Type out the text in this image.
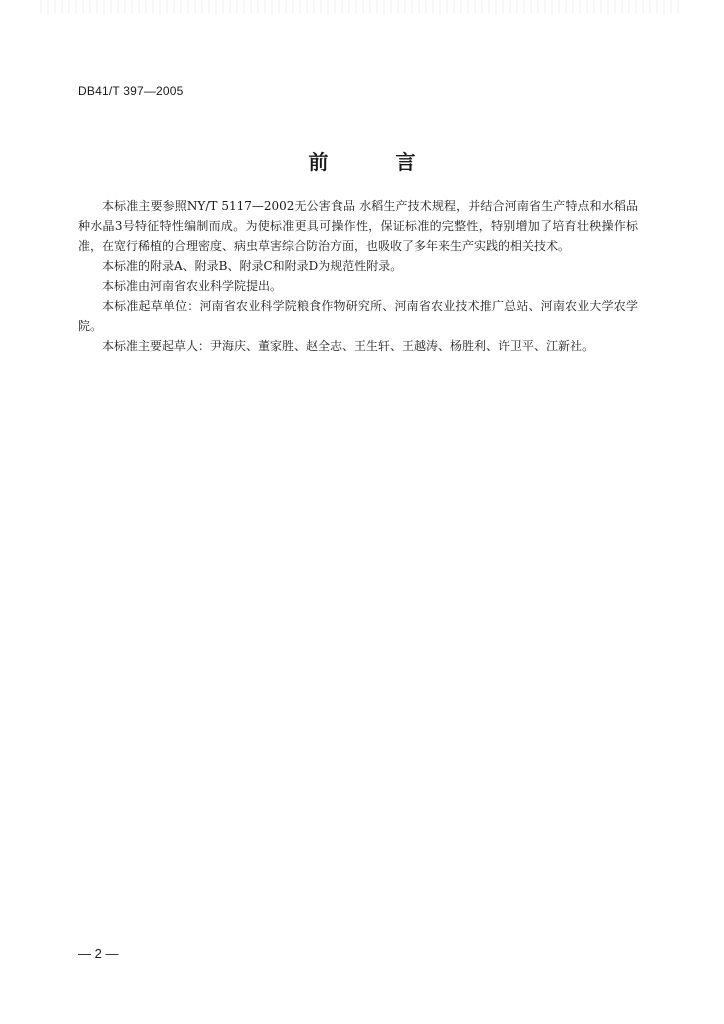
DB41/T 397—2005
前 言

本标准主要参照NY/T 5117—2002无公害食品 水稻生产技术规程，并结合河南省生产特点和水稻品种水晶3号特征特性编制而成。为使标准更具可操作性，保证标准的完整性，特别增加了培育壮秧操作标准，在宽行稀植的合理密度、病虫草害综合防治方面，也吸收了多年来生产实践的相关技术。

本标准的附录A、附录B、附录C和附录D为规范性附录。

本标准由河南省农业科学院提出。

本标准起草单位：河南省农业科学院粮食作物研究所、河南省农业技术推广总站、河南农业大学农学院。

本标准主要起草人：尹海庆、董家胜、赵全志、王生轩、王越涛、杨胜利、许卫平、江新社。

— 2 —
